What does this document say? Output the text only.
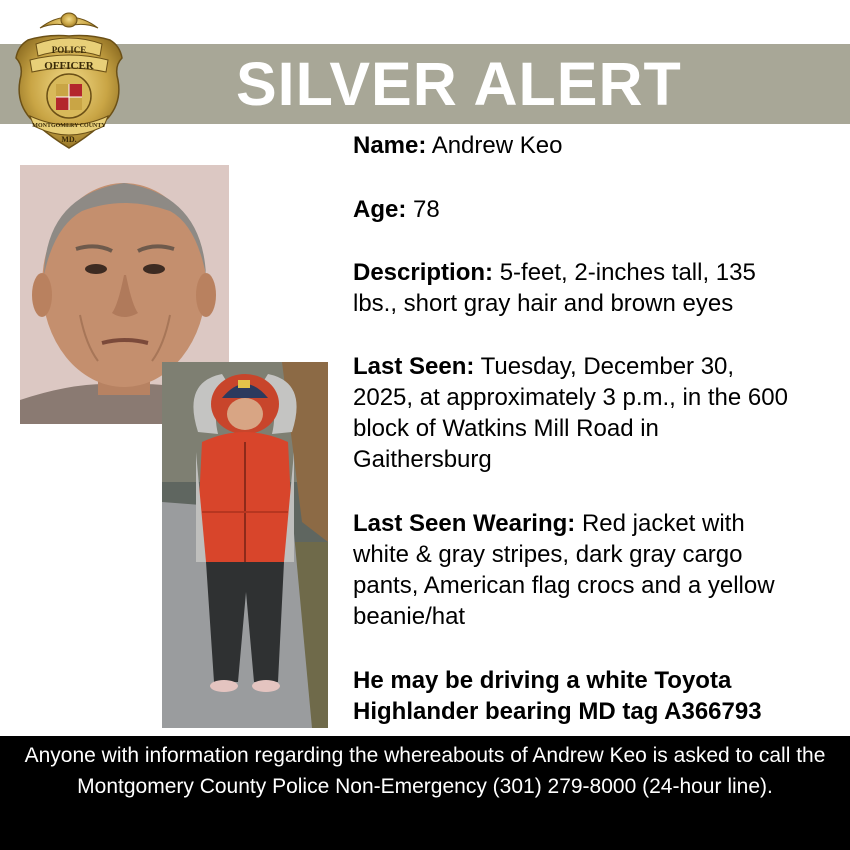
SILVER ALERT
POLICE
OFFICER
MONTGOMERY COUNTY
MD.	Name: Andrew Keo
Age: 78
Description: 5-feet, 2-inches tall, 135
lbs., short gray hair and brown eyes
Last Seen: Tuesday, December 30,
2025, at approximately 3 p.m., in the 600
block of Watkins Mill Road in
Gaithersburg
Last Seen Wearing: Red jacket with
white & gray stripes, dark gray cargo
pants, American flag crocs and a yellow
beanie/hat
He may be driving a white Toyota
Highlander bearing MD tag A366793
Anyone with information regarding the whereabouts of Andrew Keo is asked to call the Montgomery County Police Non-Emergency (301) 279-8000 (24-hour line).
